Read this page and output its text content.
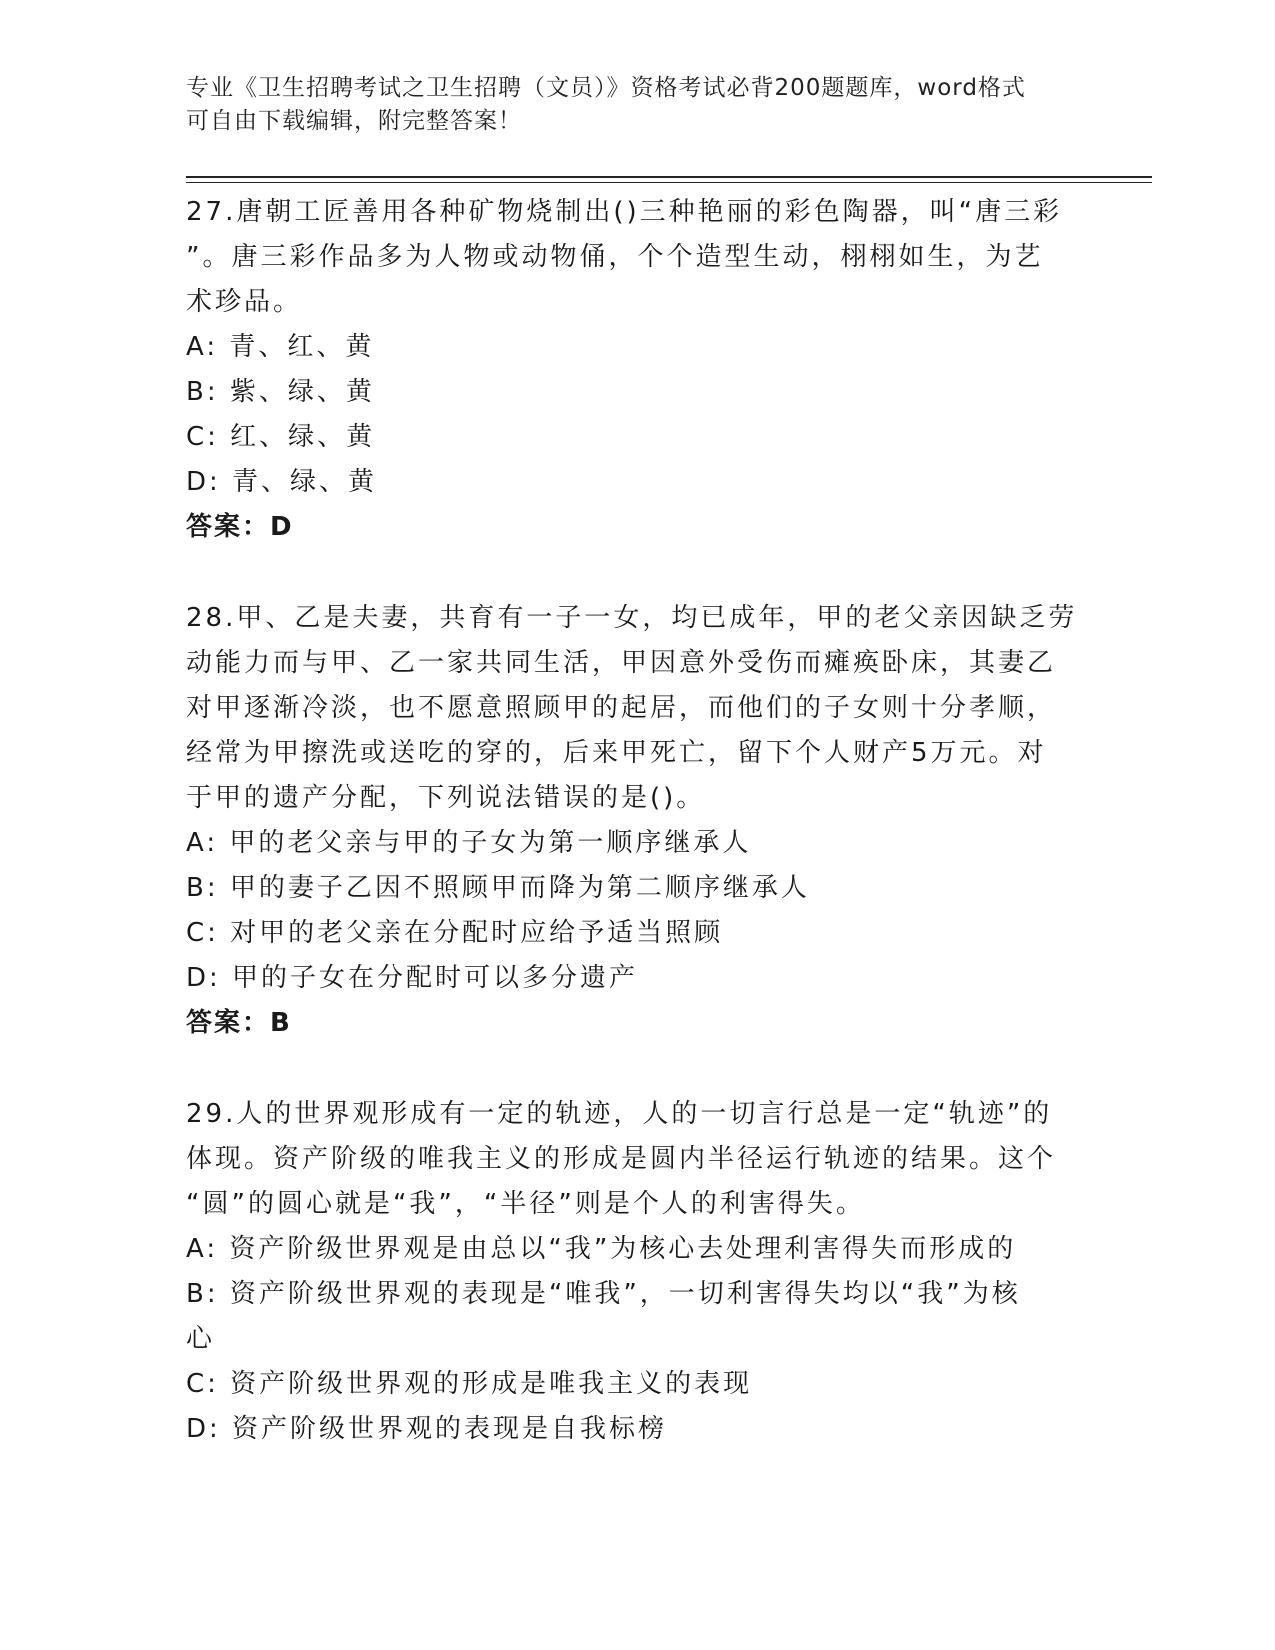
专业《卫生招聘考试之卫生招聘（文员）》资格考试必背200题题库，word格式
可自由下载编辑，附完整答案！
27.唐朝工匠善用各种矿物烧制出()三种艳丽的彩色陶器，叫“唐三彩
”。唐三彩作品多为人物或动物俑，个个造型生动，栩栩如生，为艺
术珍品。
A: 青、红、黄
B: 紫、绿、黄
C: 红、绿、黄
D: 青、绿、黄
答案：D
28.甲、乙是夫妻，共育有一子一女，均已成年，甲的老父亲因缺乏劳
动能力而与甲、乙一家共同生活，甲因意外受伤而瘫痪卧床，其妻乙
对甲逐渐冷淡，也不愿意照顾甲的起居，而他们的子女则十分孝顺，
经常为甲擦洗或送吃的穿的，后来甲死亡，留下个人财产5万元。对
于甲的遗产分配，下列说法错误的是()。
A: 甲的老父亲与甲的子女为第一顺序继承人
B: 甲的妻子乙因不照顾甲而降为第二顺序继承人
C: 对甲的老父亲在分配时应给予适当照顾
D: 甲的子女在分配时可以多分遗产
答案：B
29.人的世界观形成有一定的轨迹，人的一切言行总是一定“轨迹”的
体现。资产阶级的唯我主义的形成是圆内半径运行轨迹的结果。这个
“圆”的圆心就是“我”，“半径”则是个人的利害得失。
A: 资产阶级世界观是由总以“我”为核心去处理利害得失而形成的
B: 资产阶级世界观的表现是“唯我”，一切利害得失均以“我”为核
心
C: 资产阶级世界观的形成是唯我主义的表现
D: 资产阶级世界观的表现是自我标榜
